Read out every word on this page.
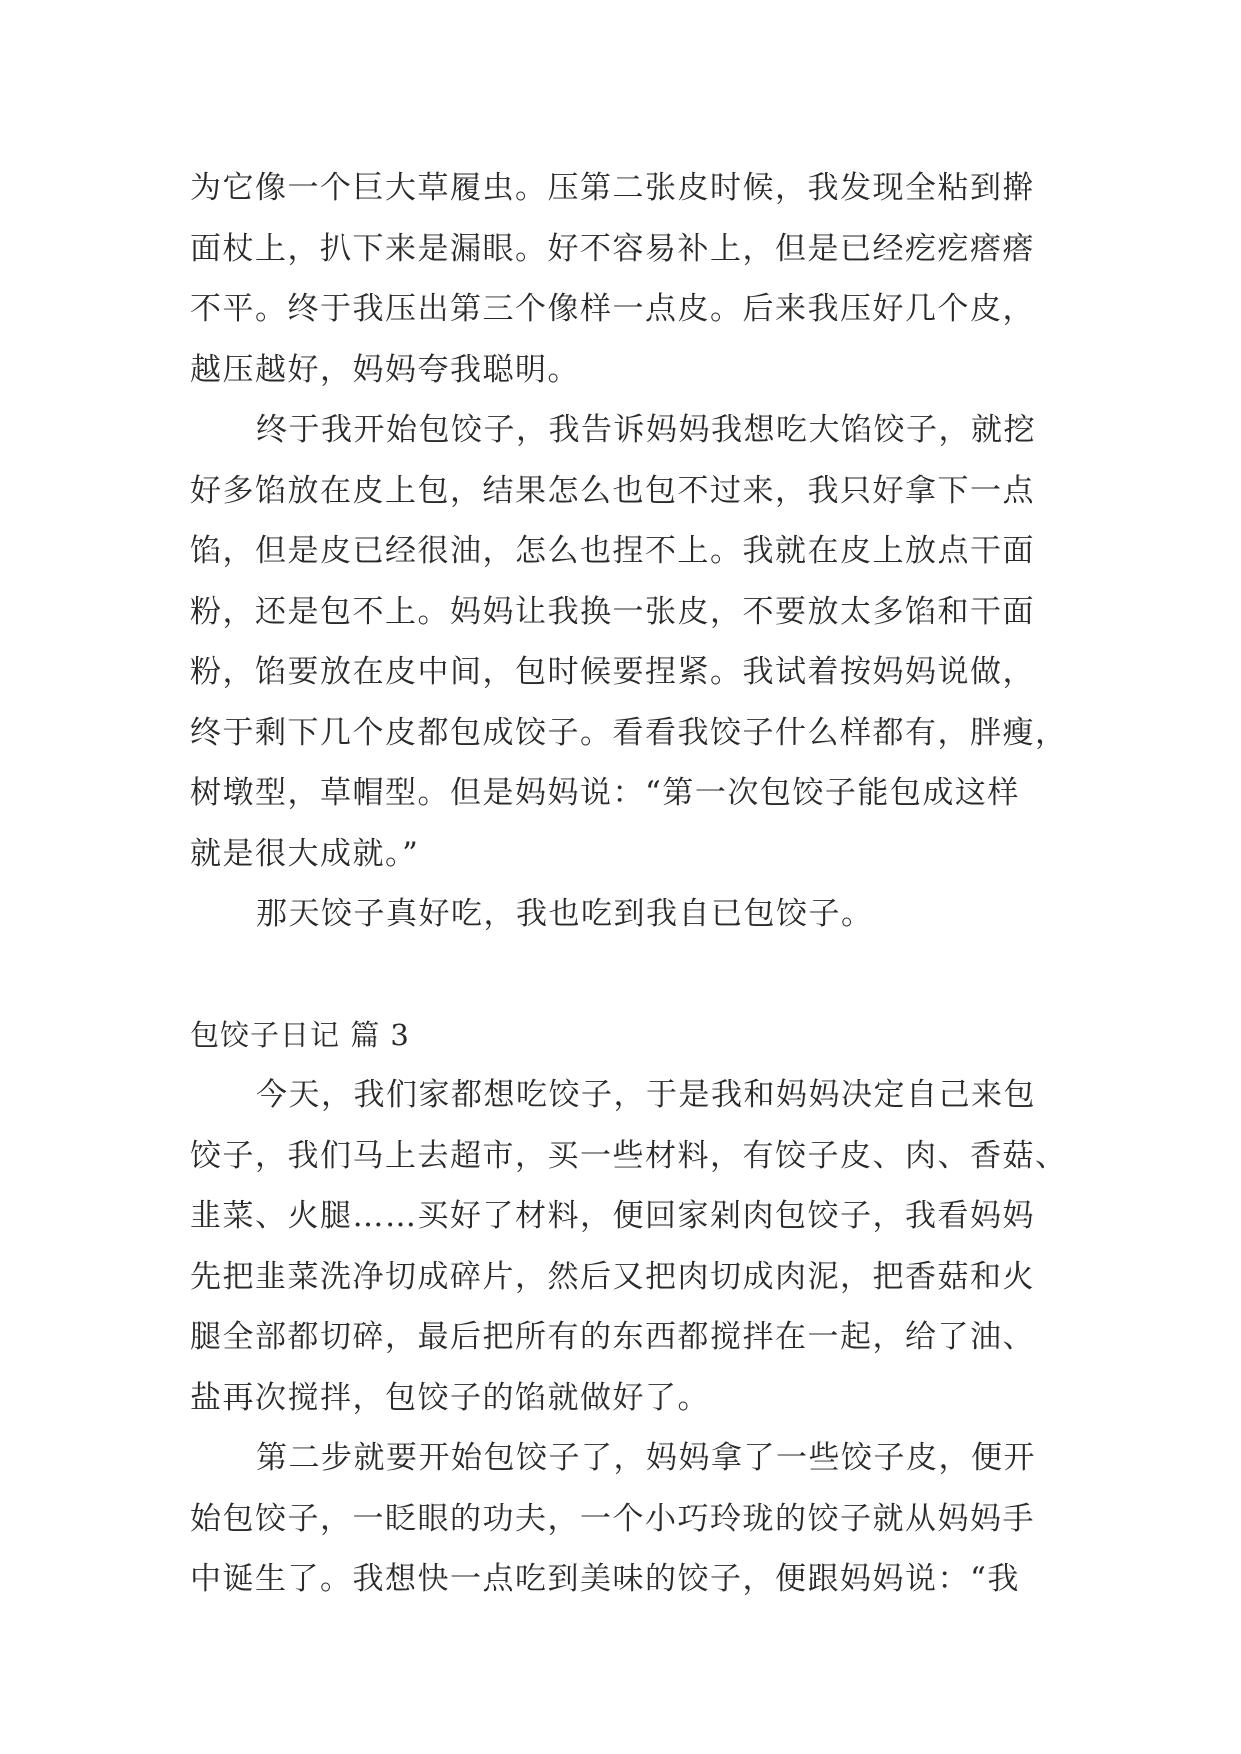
为它像一个巨大草履虫。压第二张皮时候，我发现全粘到擀
面杖上，扒下来是漏眼。好不容易补上，但是已经疙疙瘩瘩
不平。终于我压出第三个像样一点皮。后来我压好几个皮，
越压越好，妈妈夸我聪明。
终于我开始包饺子，我告诉妈妈我想吃大馅饺子，就挖
好多馅放在皮上包，结果怎么也包不过来，我只好拿下一点
馅，但是皮已经很油，怎么也捏不上。我就在皮上放点干面
粉，还是包不上。妈妈让我换一张皮，不要放太多馅和干面
粉，馅要放在皮中间，包时候要捏紧。我试着按妈妈说做，
终于剩下几个皮都包成饺子。看看我饺子什么样都有，胖瘦，
树墩型，草帽型。但是妈妈说：“第一次包饺子能包成这样
就是很大成就。”
那天饺子真好吃，我也吃到我自已包饺子。
包饺子日记 篇 3
今天，我们家都想吃饺子，于是我和妈妈决定自己来包
饺子，我们马上去超市，买一些材料，有饺子皮、肉、香菇、
韭菜、火腿……买好了材料，便回家剁肉包饺子，我看妈妈
先把韭菜洗净切成碎片，然后又把肉切成肉泥，把香菇和火
腿全部都切碎，最后把所有的东西都搅拌在一起，给了油、
盐再次搅拌，包饺子的馅就做好了。
第二步就要开始包饺子了，妈妈拿了一些饺子皮，便开
始包饺子，一眨眼的功夫，一个小巧玲珑的饺子就从妈妈手
中诞生了。我想快一点吃到美味的饺子，便跟妈妈说：“我
